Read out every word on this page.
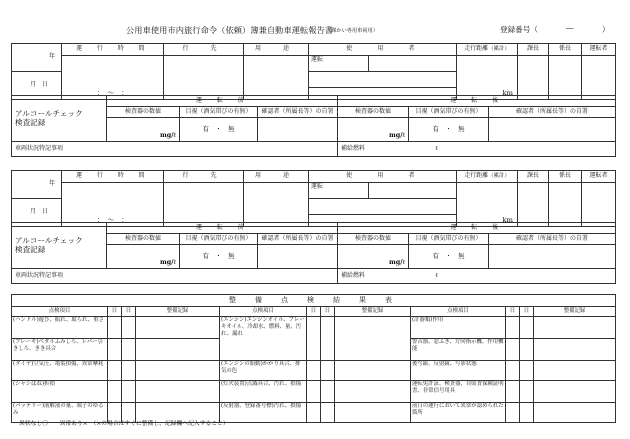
公用車使用市内旅行命令（依頼）簿兼自動車運転報告書
（課かい専用車両用）	登録番号（	―	）
年	運　行　時　間	行　先	用　途	使　　用　　者		走行距離（累計）	課長	係長	運転者
				運転		km			
月　日									
	：　～　：								
アルコールチェック
検査記録	運　転　前			運　転　後		
	検査器の数値	目視（酒気帯びの有無）	確認者（所属長等）の自署	検査器の数値	目視（酒気帯びの有無）	確認者（所属長等）の自署
	mg/ℓ	有　・　無		mg/ℓ	有　・　無	
車両状況特記事項				補給燃料 ℓ		
年	運　行　時　間	行　先	用　途	使　　用　　者		走行距離（累計）	課長	係長	運転者
				運転		km			
月　日									
	：　～　：								
アルコールチェック
検査記録	運　転　前			運　転　後		
	検査器の数値	目視（酒気帯びの有無）	確認者（所属長等）の自署	検査器の数値	目視（酒気帯びの有無）	確認者（所属長等）の自署
	mg/ℓ	有　・　無		mg/ℓ	有　・　無	
車両状況特記事項				補給燃料 ℓ		
整　備　点　検　結　果　表											
点検項目	日	日	整備記録	点検項目	日	日	整備記録	点検項目	日	日	整備記録
(ハンドル)遊び、振れ、取られ、重さ				(エンジン)エンジンオイル、ブレーキオイル、冷却水、燃料、量、汚れ、漏れ				(計器類)作用			
(ブレーキ)ペダルふみしろ、レバー引きしろ、きき具合								警音器、窓ふき、方向指示機、作用機能			
(タイヤ)空気圧、亀裂損傷、異常摩耗				(エンジンの始動)かかり具合、排気の色				後写鏡、反射鏡、写影状態			
(シャシばね)折損				(灯火装置)点滅具合、汚れ、損傷				運転免許証、検査器、自賠責保険証明書、非常信号用具			
(バッテリー)液解液の量、端子のゆるみ				(反射器、登録番号標)汚れ、損傷				前日の運行において異常が認められた箇所			
異状なし〇　　異常あり×　（×の場合はすぐに整備し、記録欄へ記入すること）
